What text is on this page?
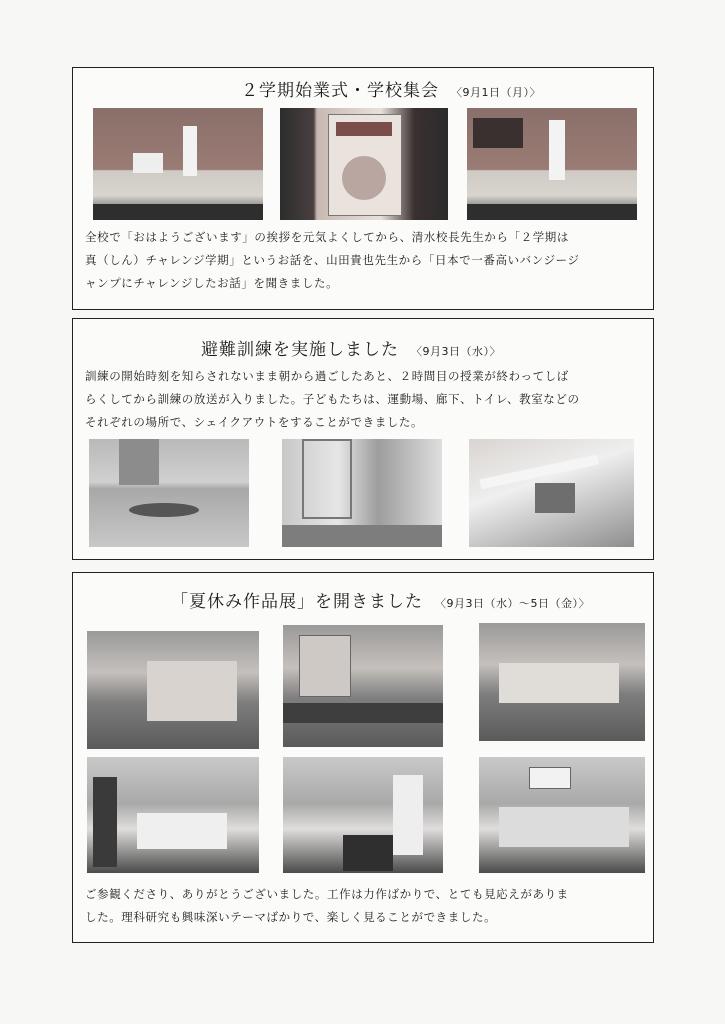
２学期始業式・学校集会 〈9月1日（月）〉
全校で「おはようございます」の挨拶を元気よくしてから、清水校長先生から「２学期は
真（しん）チャレンジ学期」というお話を、山田貴也先生から「日本で一番高いバンジージ
ャンプにチャレンジしたお話」を聞きました。
避難訓練を実施しました 〈9月3日（水）〉
訓練の開始時刻を知らされないまま朝から過ごしたあと、２時間目の授業が終わってしば
らくしてから訓練の放送が入りました。子どもたちは、運動場、廊下、トイレ、教室などの
それぞれの場所で、シェイクアウトをすることができました。
「夏休み作品展」を開きました 〈9月3日（水）～5日（金）〉
ご参観くださり、ありがとうございました。工作は力作ばかりで、とても見応えがありま
した。理科研究も興味深いテーマばかりで、楽しく見ることができました。
